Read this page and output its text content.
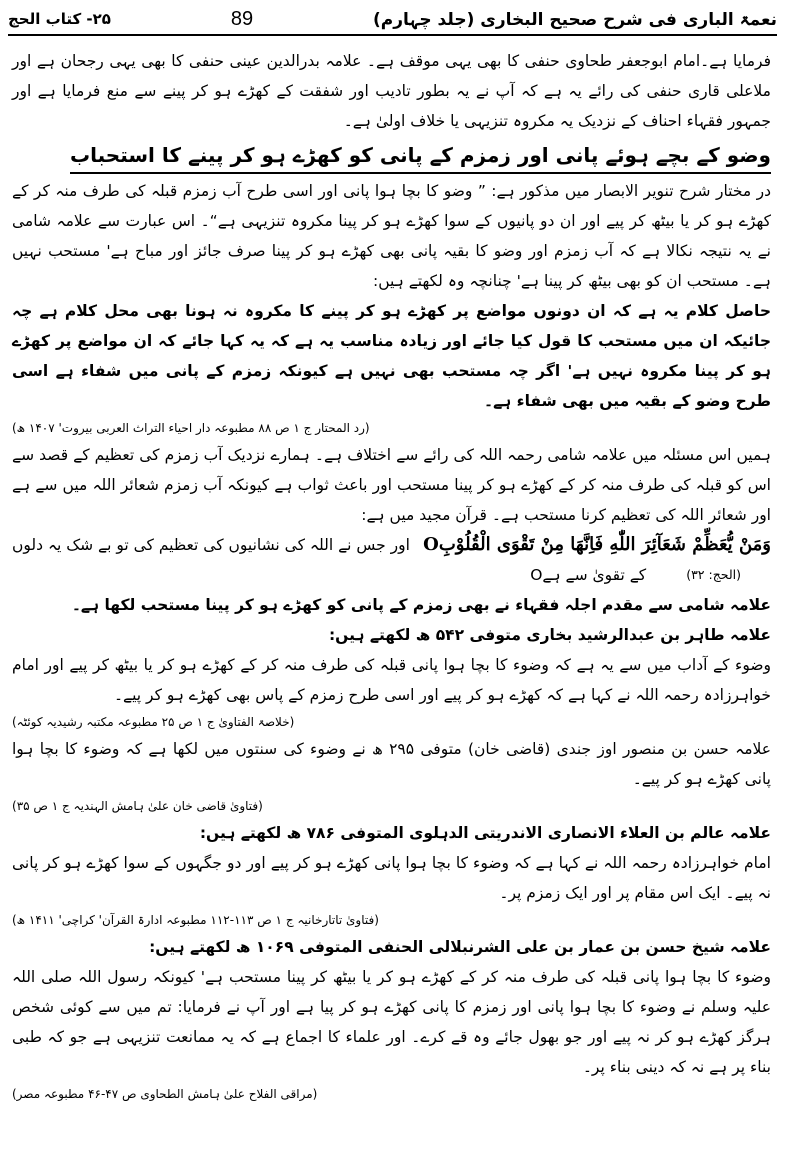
۲۵- کتاب الحج	89	نعمۃ الباری فی شرح صحیح البخاری (جلد چہارم)

فرمایا ہے۔امام ابوجعفر طحاوی حنفی کا بھی یہی موقف ہے۔ علامہ بدرالدین عینی حنفی کا بھی یہی رجحان ہے اور ملاعلی قاری حنفی کی رائے یہ ہے کہ آپ نے یہ بطور تادیب اور شفقت کے کھڑے ہو کر پینے سے منع فرمایا ہے اور جمہور فقہاء احناف کے نزدیک یہ مکروہ تنزیہی یا خلاف اولیٰ ہے۔

وضو کے بچے ہوئے پانی اور زمزم کے پانی کو کھڑے ہو کر پینے کا استحباب

در مختار شرح تنویر الابصار میں مذکور ہے: ” وضو کا بچا ہوا پانی اور اسی طرح آب زمزم قبلہ کی طرف منہ کر کے کھڑے ہو کر یا بیٹھ کر پیے اور ان دو پانیوں کے سوا کھڑے ہو کر پینا مکروہ تنزیہی ہے“۔ اس عبارت سے علامہ شامی نے یہ نتیجہ نکالا ہے کہ آب زمزم اور وضو کا بقیہ پانی بھی کھڑے ہو کر پینا صرف جائز اور مباح ہے' مستحب نہیں ہے۔ مستحب ان کو بھی بیٹھ کر پینا ہے' چنانچہ وہ لکھتے ہیں:

حاصل کلام یہ ہے کہ ان دونوں مواضع پر کھڑے ہو کر پینے کا مکروہ نہ ہونا بھی محل کلام ہے چہ جائیکہ ان میں مستحب کا قول کیا جائے اور زیادہ مناسب یہ ہے کہ یہ کہا جائے کہ ان مواضع پر کھڑے ہو کر پینا مکروہ نہیں ہے' اگر چہ مستحب بھی نہیں ہے کیونکہ زمزم کے پانی میں شفاء ہے اسی طرح وضو کے بقیہ میں بھی شفاء ہے۔

(رد المحتار ج ۱ ص ۸۸ مطبوعہ دار احیاء التراث العربی بیروت' ۱۴۰۷ ھ)

ہمیں اس مسئلہ میں علامہ شامی رحمہ اللہ کی رائے سے اختلاف ہے۔ ہمارے نزدیک آب زمزم کی تعظیم کے قصد سے اس کو قبلہ کی طرف منہ کر کے کھڑے ہو کر پینا مستحب اور باعث ثواب ہے کیونکہ آب زمزم شعائر اللہ میں سے ہے اور شعائر اللہ کی تعظیم کرنا مستحب ہے۔ قرآن مجید میں ہے:

وَمَنْ يُّعَظِّمْ شَعَآئِرَ اللّٰهِ فَاِنَّهَا مِنْ تَقْوَى الْقُلُوْبِO
اور جس نے اللہ کی نشانیوں کی تعظیم کی تو بے شک یہ دلوں
(الحج: ۳۲)
کے تقویٰ سے ہےO

علامہ شامی سے مقدم اجلہ فقہاء نے بھی زمزم کے پانی کو کھڑے ہو کر پینا مستحب لکھا ہے۔

علامہ طاہر بن عبدالرشید بخاری متوفی ۵۴۲ ھ لکھتے ہیں:

وضوء کے آداب میں سے یہ ہے کہ وضوء کا بچا ہوا پانی قبلہ کی طرف منہ کر کے کھڑے ہو کر یا بیٹھ کر پیے اور امام خواہرزادہ رحمہ اللہ نے کہا ہے کہ کھڑے ہو کر پیے اور اسی طرح زمزم کے پاس بھی کھڑے ہو کر پیے۔

(خلاصۃ الفتاویٰ ج ۱ ص ۲۵ مطبوعہ مکتبہ رشیدیہ کوئٹہ)

علامہ حسن بن منصور اوز جندی (قاضی خان) متوفی ۲۹۵ ھ نے وضوء کی سنتوں میں لکھا ہے کہ وضوء کا بچا ہوا پانی کھڑے ہو کر پیے۔

(فتاویٰ قاضی خان علیٰ ہامش الہندیہ ج ۱ ص ۳۵)

علامہ عالم بن العلاء الانصاری الاندریتی الدہلوی المتوفی ۷۸۶ ھ لکھتے ہیں:

امام خواہرزادہ رحمہ اللہ نے کہا ہے کہ وضوء کا بچا ہوا پانی کھڑے ہو کر پیے اور دو جگہوں کے سوا کھڑے ہو کر پانی نہ پیے۔ ایک اس مقام پر اور ایک زمزم پر۔

(فتاویٰ تاتارخانیہ ج ۱ ص ۱۱۳-۱۱۲ مطبوعہ ادارۃ القرآن' کراچی' ۱۴۱۱ ھ)

علامہ شیخ حسن بن عمار بن علی الشرنبلالی الحنفی المتوفی ۱۰۶۹ ھ لکھتے ہیں:

وضوء کا بچا ہوا پانی قبلہ کی طرف منہ کر کے کھڑے ہو کر یا بیٹھ کر پینا مستحب ہے' کیونکہ رسول اللہ صلی اللہ علیہ وسلم نے وضوء کا بچا ہوا پانی اور زمزم کا پانی کھڑے ہو کر پیا ہے اور آپ نے فرمایا: تم میں سے کوئی شخص ہرگز کھڑے ہو کر نہ پیے اور جو بھول جائے وہ قے کرے۔ اور علماء کا اجماع ہے کہ یہ ممانعت تنزیہی ہے جو کہ طبی بناء پر ہے نہ کہ دینی بناء پر۔

(مراقی الفلاح علیٰ ہامش الطحاوی ص ۴۷-۴۶ مطبوعہ مصر)
